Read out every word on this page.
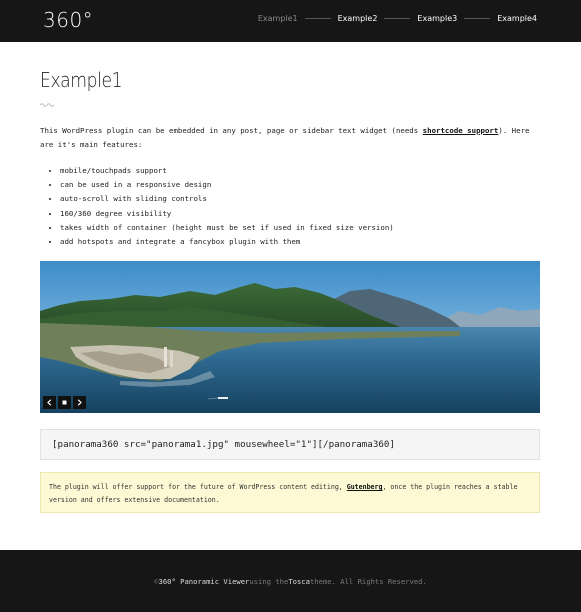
360°	Example1	Example2	Example3	Example4
Example1

This WordPress plugin can be embedded in any post, page or sidebar text widget (needs shortcode support). Here are it's main features:

• mobile/touchpads support
• can be used in a responsive design
• auto-scroll with sliding controls
• 160/360 degree visibility
• takes width of container (height must be set if used in fixed size version)
• add hotspots and integrate a fancybox plugin with them
[panorama360 src="panorama1.jpg" mousewheel="1"][/panorama360]
The plugin will offer support for the future of WordPress content editing, Gutenberg, once the plugin reaches a stable version and offers extensive documentation.
© 360° Panoramic Viewer using the Tosca theme. All Rights Reserved.
